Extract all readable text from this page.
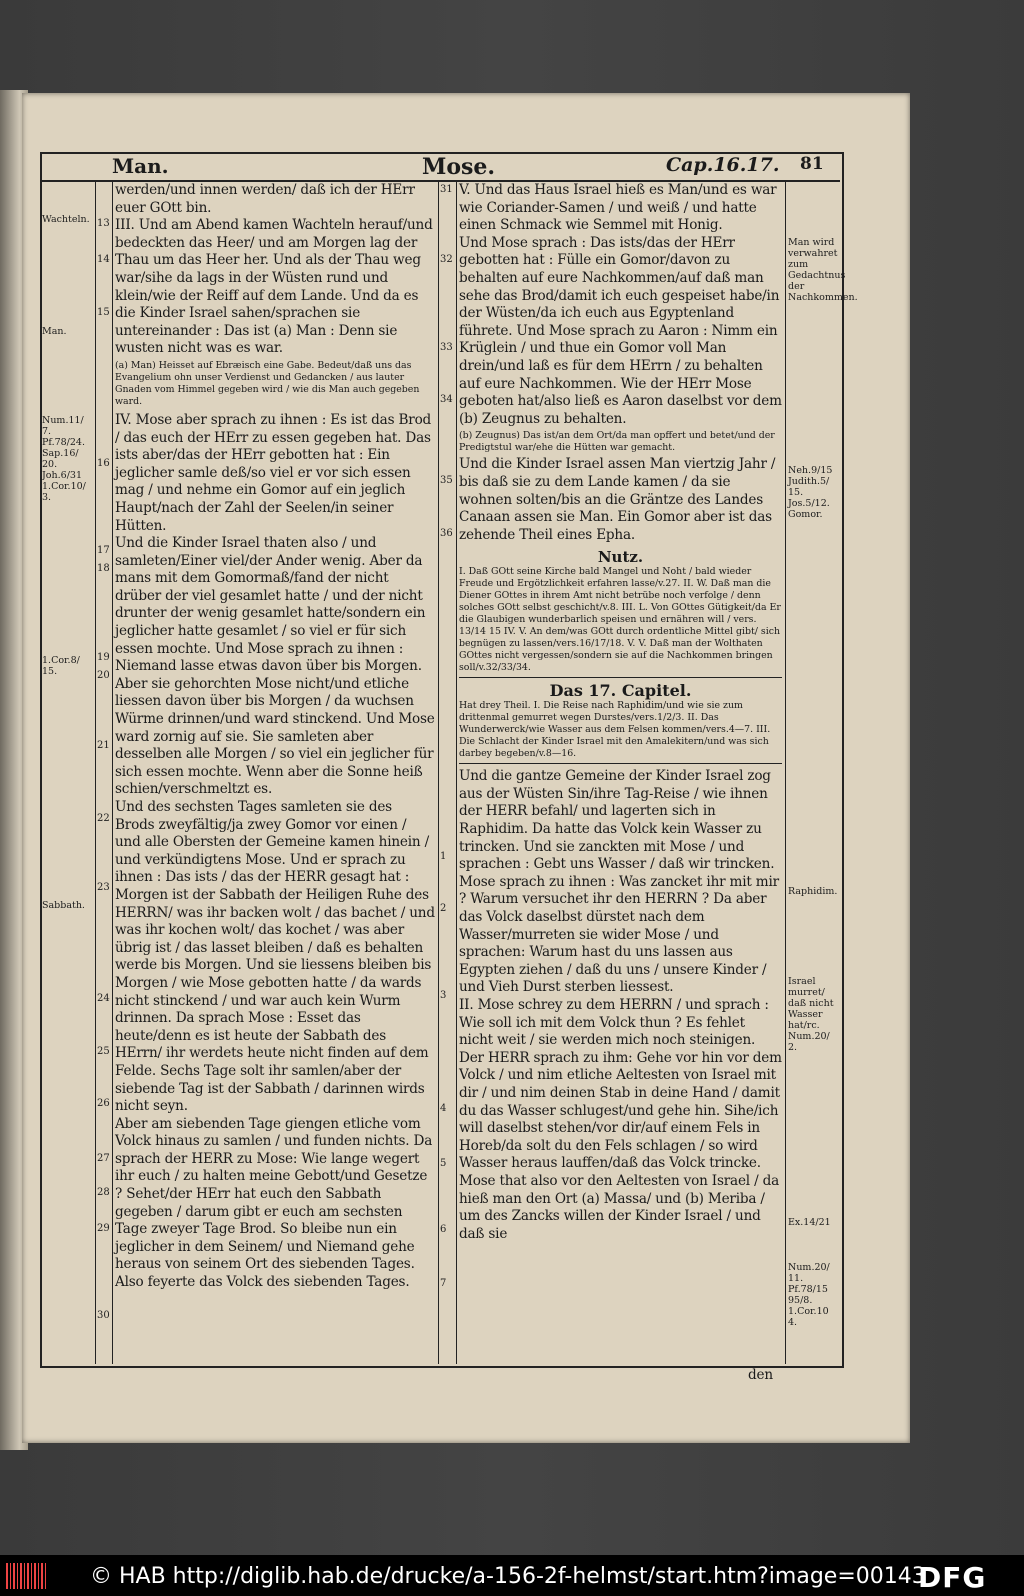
Man.	Mose.	Cap.16.17. 81
Wachteln.
Man.
Num.11/ 7. Pf.78/24. Sap.16/ 20. Joh.6/31 1.Cor.10/ 3.
1.Cor.8/ 15.
Sabbath.
Man wird verwahret zum Gedachtnus der Nachkommen.
Neh.9/15 Judith.5/ 15. Jos.5/12. Gomor.
Raphidim.
Israel murret/ daß nicht Wasser hat/rc. Num.20/ 2.
Ex.14/21
Num.20/ 11. Pf.78/15 95/8. 1.Cor.10 4.
13
14
15
16
17
18
19
20
21
22
23
24
25
26
27
28
29
30
31
32
33
34
35
36
1
2
3
4
5
6
7

werden/und innen werden/ daß ich der HErr euer GOtt bin.

III. Und am Abend kamen Wachteln herauf/und bedeckten das Heer/ und am Morgen lag der Thau um das Heer her. Und als der Thau weg war/sihe da lags in der Wüsten rund und klein/wie der Reiff auf dem Lande. Und da es die Kinder Israel sahen/sprachen sie untereinander : Das ist (a) Man : Denn sie wusten nicht was es war.

(a) Man) Heisset auf Ebræisch eine Gabe. Bedeut/daß uns das Evangelium ohn unser Verdienst und Gedancken / aus lauter Gnaden vom Himmel gegeben wird / wie dis Man auch gegeben ward.

IV. Mose aber sprach zu ihnen : Es ist das Brod / das euch der HErr zu essen gegeben hat. Das ists aber/das der HErr gebotten hat : Ein jeglicher samle deß/so viel er vor sich essen mag / und nehme ein Gomor auf ein jeglich Haupt/nach der Zahl der Seelen/in seiner Hütten.

Und die Kinder Israel thaten also / und samleten/Einer viel/der Ander wenig. Aber da mans mit dem Gomormaß/fand der nicht drüber der viel gesamlet hatte / und der nicht drunter der wenig gesamlet hatte/sondern ein jeglicher hatte gesamlet / so viel er für sich essen mochte. Und Mose sprach zu ihnen : Niemand lasse etwas davon über bis Morgen. Aber sie gehorchten Mose nicht/und etliche liessen davon über bis Morgen / da wuchsen Würme drinnen/und ward stinckend. Und Mose ward zornig auf sie. Sie samleten aber desselben alle Morgen / so viel ein jeglicher für sich essen mochte. Wenn aber die Sonne heiß schien/verschmeltzt es.

Und des sechsten Tages samleten sie des Brods zweyfältig/ja zwey Gomor vor einen / und alle Obersten der Gemeine kamen hinein / und verkündigtens Mose. Und er sprach zu ihnen : Das ists / das der HERR gesagt hat : Morgen ist der Sabbath der Heiligen Ruhe des HERRN/ was ihr backen wolt / das bachet / und was ihr kochen wolt/ das kochet / was aber übrig ist / das lasset bleiben / daß es behalten werde bis Morgen. Und sie liessens bleiben bis Morgen / wie Mose gebotten hatte / da wards nicht stinckend / und war auch kein Wurm drinnen. Da sprach Mose : Esset das heute/denn es ist heute der Sabbath des HErrn/ ihr werdets heute nicht finden auf dem Felde. Sechs Tage solt ihr samlen/aber der siebende Tag ist der Sabbath / darinnen wirds nicht seyn.

Aber am siebenden Tage giengen etliche vom Volck hinaus zu samlen / und funden nichts. Da sprach der HERR zu Mose: Wie lange wegert ihr euch / zu halten meine Gebott/und Gesetze ? Sehet/der HErr hat euch den Sabbath gegeben / darum gibt er euch am sechsten Tage zweyer Tage Brod. So bleibe nun ein jeglicher in dem Seinem/ und Niemand gehe heraus von seinem Ort des siebenden Tages. Also feyerte das Volck des siebenden Tages.

V. Und das Haus Israel hieß es Man/und es war wie Coriander-Samen / und weiß / und hatte einen Schmack wie Semmel mit Honig.

Und Mose sprach : Das ists/das der HErr gebotten hat : Fülle ein Gomor/davon zu behalten auf eure Nachkommen/auf daß man sehe das Brod/damit ich euch gespeiset habe/in der Wüsten/da ich euch aus Egyptenland führete. Und Mose sprach zu Aaron : Nimm ein Krüglein / und thue ein Gomor voll Man drein/und laß es für dem HErrn / zu behalten auf eure Nachkommen. Wie der HErr Mose geboten hat/also ließ es Aaron daselbst vor dem (b) Zeugnus zu behalten.

(b) Zeugnus) Das ist/an dem Ort/da man opffert und betet/und der Predigtstul war/ehe die Hütten war gemacht.

Und die Kinder Israel assen Man viertzig Jahr / bis daß sie zu dem Lande kamen / da sie wohnen solten/bis an die Gräntze des Landes Canaan assen sie Man. Ein Gomor aber ist das zehende Theil eines Epha.

Nutz.

I. Daß GOtt seine Kirche bald Mangel und Noht / bald wieder Freude und Ergötzlichkeit erfahren lasse/v.27. II. W. Daß man die Diener GOttes in ihrem Amt nicht betrübe noch verfolge / denn solches GOtt selbst geschicht/v.8. III. L. Von GOttes Gütigkeit/da Er die Glaubigen wunderbarlich speisen und ernähren will / vers. 13/14 15 IV. V. An dem/was GOtt durch ordentliche Mittel gibt/ sich begnügen zu lassen/vers.16/17/18. V. V. Daß man der Wolthaten GOttes nicht vergessen/sondern sie auf die Nachkommen bringen soll/v.32/33/34.

Das 17. Capitel.

Hat drey Theil. I. Die Reise nach Raphidim/und wie sie zum drittenmal gemurret wegen Durstes/vers.1/2/3. II. Das Wunderwerck/wie Wasser aus dem Felsen kommen/vers.4—7. III. Die Schlacht der Kinder Israel mit den Amalekitern/und was sich darbey begeben/v.8—16.

Und die gantze Gemeine der Kinder Israel zog aus der Wüsten Sin/ihre Tag-Reise / wie ihnen der HERR befahl/ und lagerten sich in Raphidim. Da hatte das Volck kein Wasser zu trincken. Und sie zanckten mit Mose / und sprachen : Gebt uns Wasser / daß wir trincken. Mose sprach zu ihnen : Was zancket ihr mit mir ? Warum versuchet ihr den HERRN ? Da aber das Volck daselbst dürstet nach dem Wasser/murreten sie wider Mose / und sprachen: Warum hast du uns lassen aus Egypten ziehen / daß du uns / unsere Kinder / und Vieh Durst sterben liessest.

II. Mose schrey zu dem HERRN / und sprach : Wie soll ich mit dem Volck thun ? Es fehlet nicht weit / sie werden mich noch steinigen. Der HERR sprach zu ihm: Gehe vor hin vor dem Volck / und nim etliche Aeltesten von Israel mit dir / und nim deinen Stab in deine Hand / damit du das Wasser schlugest/und gehe hin. Sihe/ich will daselbst stehen/vor dir/auf einem Fels in Horeb/da solt du den Fels schlagen / so wird Wasser heraus lauffen/daß das Volck trincke. Mose that also vor den Aeltesten von Israel / da hieß man den Ort (a) Massa/ und (b) Meriba / um des Zancks willen der Kinder Israel / und daß sie

den
© HAB http://diglib.hab.de/drucke/a-156-2f-helmst/start.htm?image=00143
DFG
